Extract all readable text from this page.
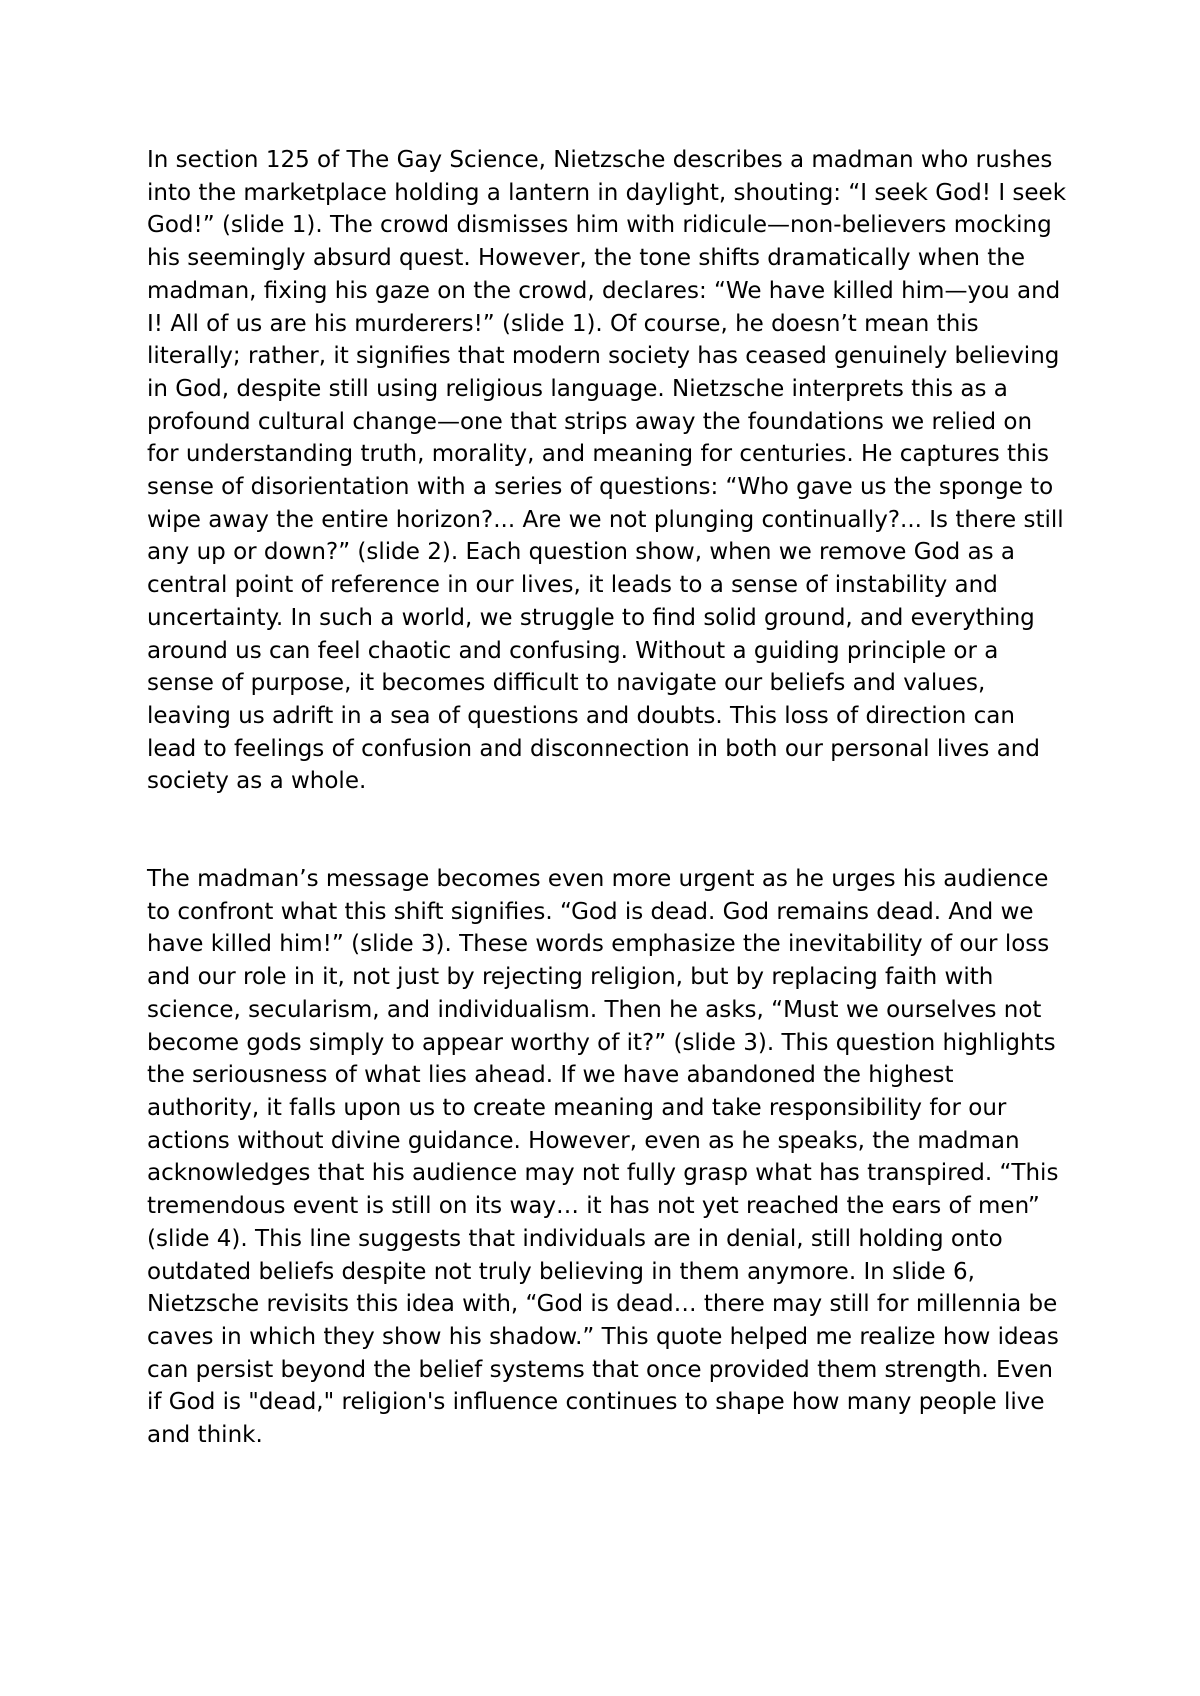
In section 125 of The Gay Science, Nietzsche describes a madman who rushes into the marketplace holding a lantern in daylight, shouting: “I seek God! I seek God!” (slide 1). The crowd dismisses him with ridicule—non-believers mocking his seemingly absurd quest. However, the tone shifts dramatically when the madman, fixing his gaze on the crowd, declares: “We have killed him—you and I! All of us are his murderers!” (slide 1). Of course, he doesn’t mean this literally; rather, it signifies that modern society has ceased genuinely believing in God, despite still using religious language. Nietzsche interprets this as a profound cultural change—one that strips away the foundations we relied on for understanding truth, morality, and meaning for centuries. He captures this sense of disorientation with a series of questions: “Who gave us the sponge to wipe away the entire horizon?... Are we not plunging continually?... Is there still any up or down?” (slide 2). Each question show, when we remove God as a central point of reference in our lives, it leads to a sense of instability and uncertainty. In such a world, we struggle to find solid ground, and everything around us can feel chaotic and confusing. Without a guiding principle or a sense of purpose, it becomes difficult to navigate our beliefs and values, leaving us adrift in a sea of questions and doubts. This loss of direction can lead to feelings of confusion and disconnection in both our personal lives and society as a whole.

The madman’s message becomes even more urgent as he urges his audience to confront what this shift signifies. “God is dead. God remains dead. And we have killed him!” (slide 3). These words emphasize the inevitability of our loss and our role in it, not just by rejecting religion, but by replacing faith with science, secularism, and individualism. Then he asks, “Must we ourselves not become gods simply to appear worthy of it?” (slide 3). This question highlights the seriousness of what lies ahead. If we have abandoned the highest authority, it falls upon us to create meaning and take responsibility for our actions without divine guidance. However, even as he speaks, the madman acknowledges that his audience may not fully grasp what has transpired. “This tremendous event is still on its way… it has not yet reached the ears of men” (slide 4). This line suggests that individuals are in denial, still holding onto outdated beliefs despite not truly believing in them anymore. In slide 6, Nietzsche revisits this idea with, “God is dead… there may still for millennia be caves in which they show his shadow.” This quote helped me realize how ideas can persist beyond the belief systems that once provided them strength. Even if God is "dead," religion's influence continues to shape how many people live and think.
